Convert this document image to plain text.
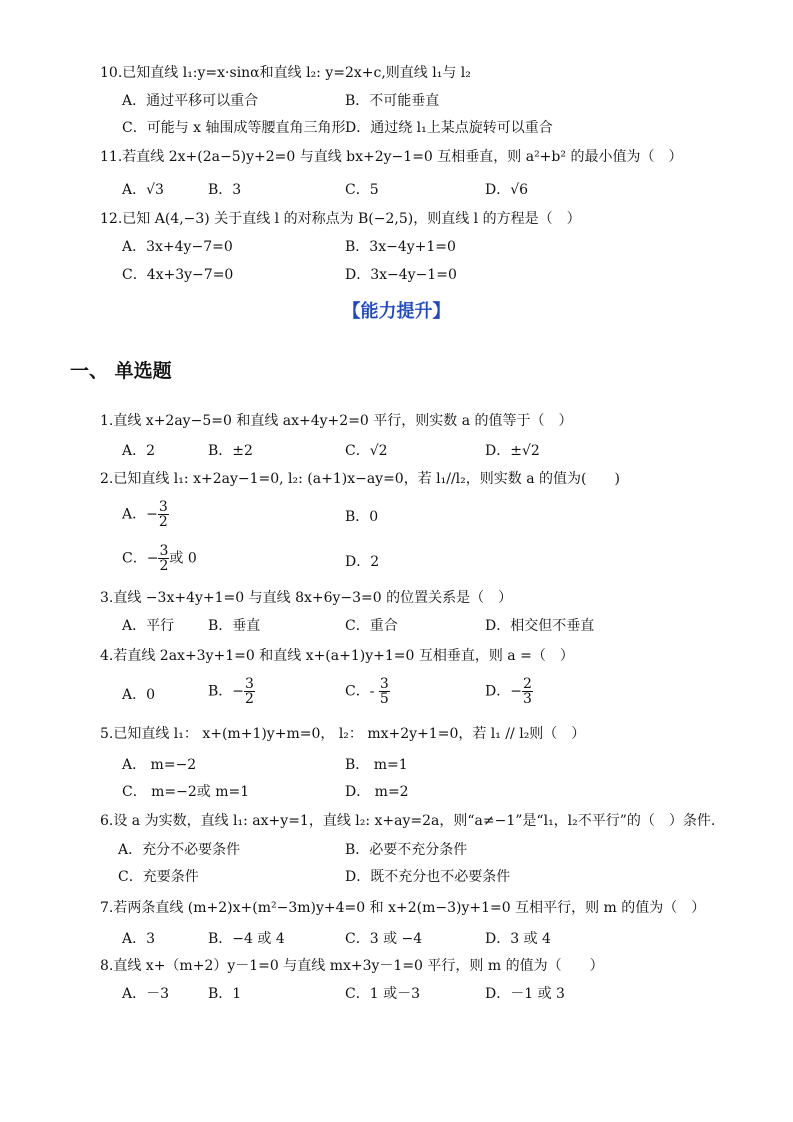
10.已知直线 l₁:y=x·sinα和直线 l₂: y=2x+c,则直线 l₁与 l₂
A．通过平移可以重合	B．不可能垂直
C．可能与 x 轴围成等腰直角三角形 D．通过绕 l₁上某点旋转可以重合
11.若直线 2x+(2a−5)y+2=0 与直线 bx+2y−1=0 互相垂直，则 a²+b² 的最小值为（　）
A．√3	B．3	C．5	D．√6
12.已知 A(4,−3) 关于直线 l 的对称点为 B(−2,5)，则直线 l 的方程是（　）
A．3x+4y−7=0	B．3x−4y+1=0
C．4x+3y−7=0	D．3x−4y−1=0
【能力提升】
一、 单选题
1.直线 x+2ay−5=0 和直线 ax+4y+2=0 平行，则实数 a 的值等于（　）
A．2	B．±2	C．√2	D．±√2
2.已知直线 l₁: x+2ay−1=0, l₂: (a+1)x−ay=0，若 l₁//l₂，则实数 a 的值为(　　)
A．− $\frac{3}{2}$	B．0
C．− $\frac{3}{2}$ 或 0	D．2
3.直线 −3x+4y+1=0 与直线 8x+6y−3=0 的位置关系是（　）
A．平行 B．垂直	C．重合	D．相交但不垂直
4.若直线 2ax+3y+1=0 和直线 x+(a+1)y+1=0 互相垂直，则 a =（　）
A．0	B．− $\frac{3}{2}$	C．- $\frac{3}{5}$	D．− $\frac{2}{3}$
5.已知直线 l₁： x+(m+1)y+m=0， l₂： mx+2y+1=0，若 l₁ // l₂则（　）
A． m=−2	B． m=1
C． m=−2或 m=1	D． m=2
6.设 a 为实数，直线 l₁: ax+y=1，直线 l₂: x+ay=2a，则“a≠−1”是“l₁，l₂不平行”的（　）条件.
A．充分不必要条件	B．必要不充分条件
C．充要条件	D．既不充分也不必要条件
7.若两条直线 (m+2)x+(m²−3m)y+4=0 和 x+2(m−3)y+1=0 互相平行，则 m 的值为（　）
A．3	B．−4 或 4	C．3 或 −4	D．3 或 4
8.直线 x+（m+2）y－1=0 与直线 mx+3y－1=0 平行，则 m 的值为（　　）
A．－3	B．1	C．1 或－3	D．－1 或 3
